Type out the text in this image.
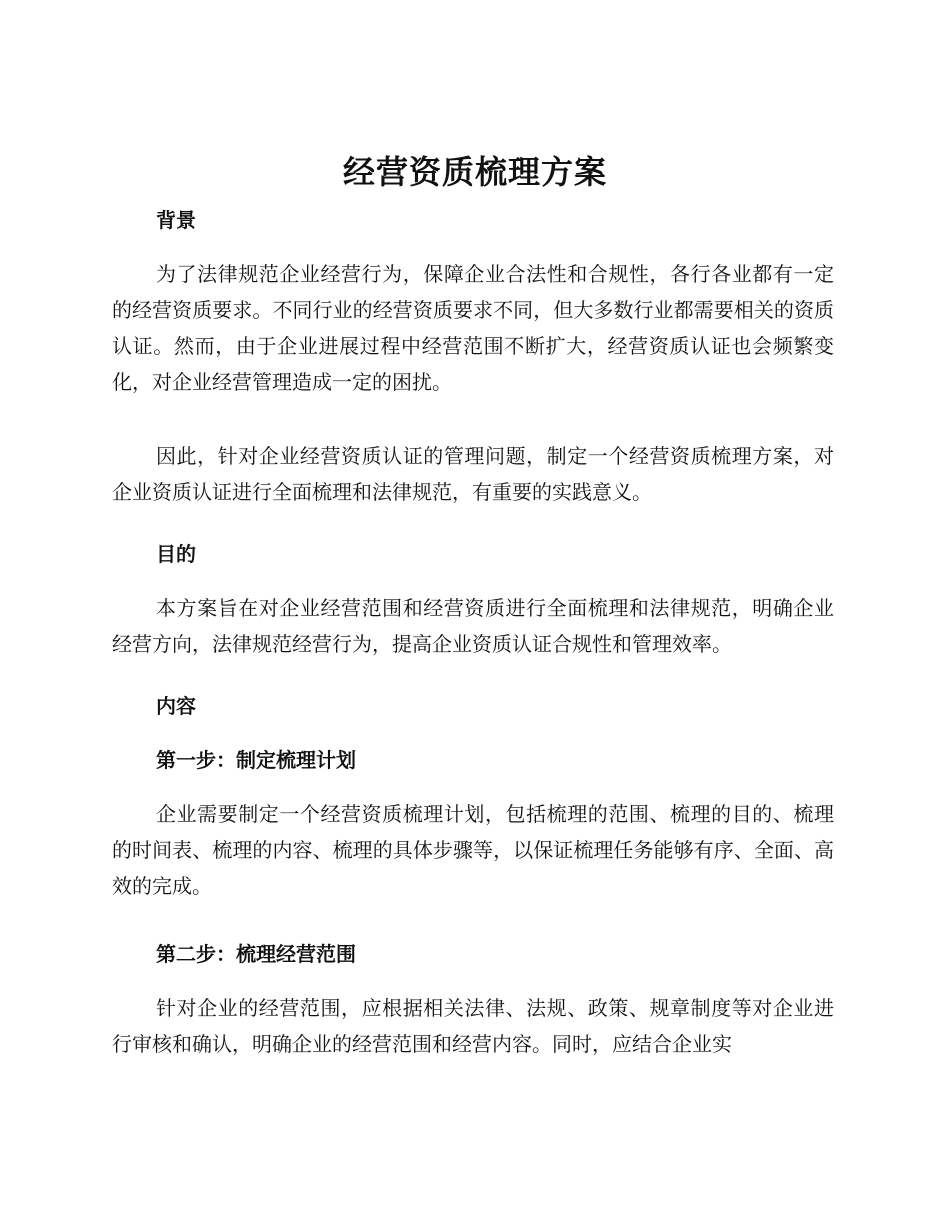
经营资质梳理方案
背景

为了法律规范企业经营行为，保障企业合法性和合规性，各行各业都有一定的经营资质要求。不同行业的经营资质要求不同，但大多数行业都需要相关的资质认证。然而，由于企业进展过程中经营范围不断扩大，经营资质认证也会频繁变化，对企业经营管理造成一定的困扰。

因此，针对企业经营资质认证的管理问题，制定一个经营资质梳理方案，对企业资质认证进行全面梳理和法律规范，有重要的实践意义。

目的

本方案旨在对企业经营范围和经营资质进行全面梳理和法律规范，明确企业经营方向，法律规范经营行为，提高企业资质认证合规性和管理效率。

内容
第一步：制定梳理计划

企业需要制定一个经营资质梳理计划，包括梳理的范围、梳理的目的、梳理的时间表、梳理的内容、梳理的具体步骤等，以保证梳理任务能够有序、全面、高效的完成。

第二步：梳理经营范围

针对企业的经营范围，应根据相关法律、法规、政策、规章制度等对企业进行审核和确认，明确企业的经营范围和经营内容。同时，应结合企业实
